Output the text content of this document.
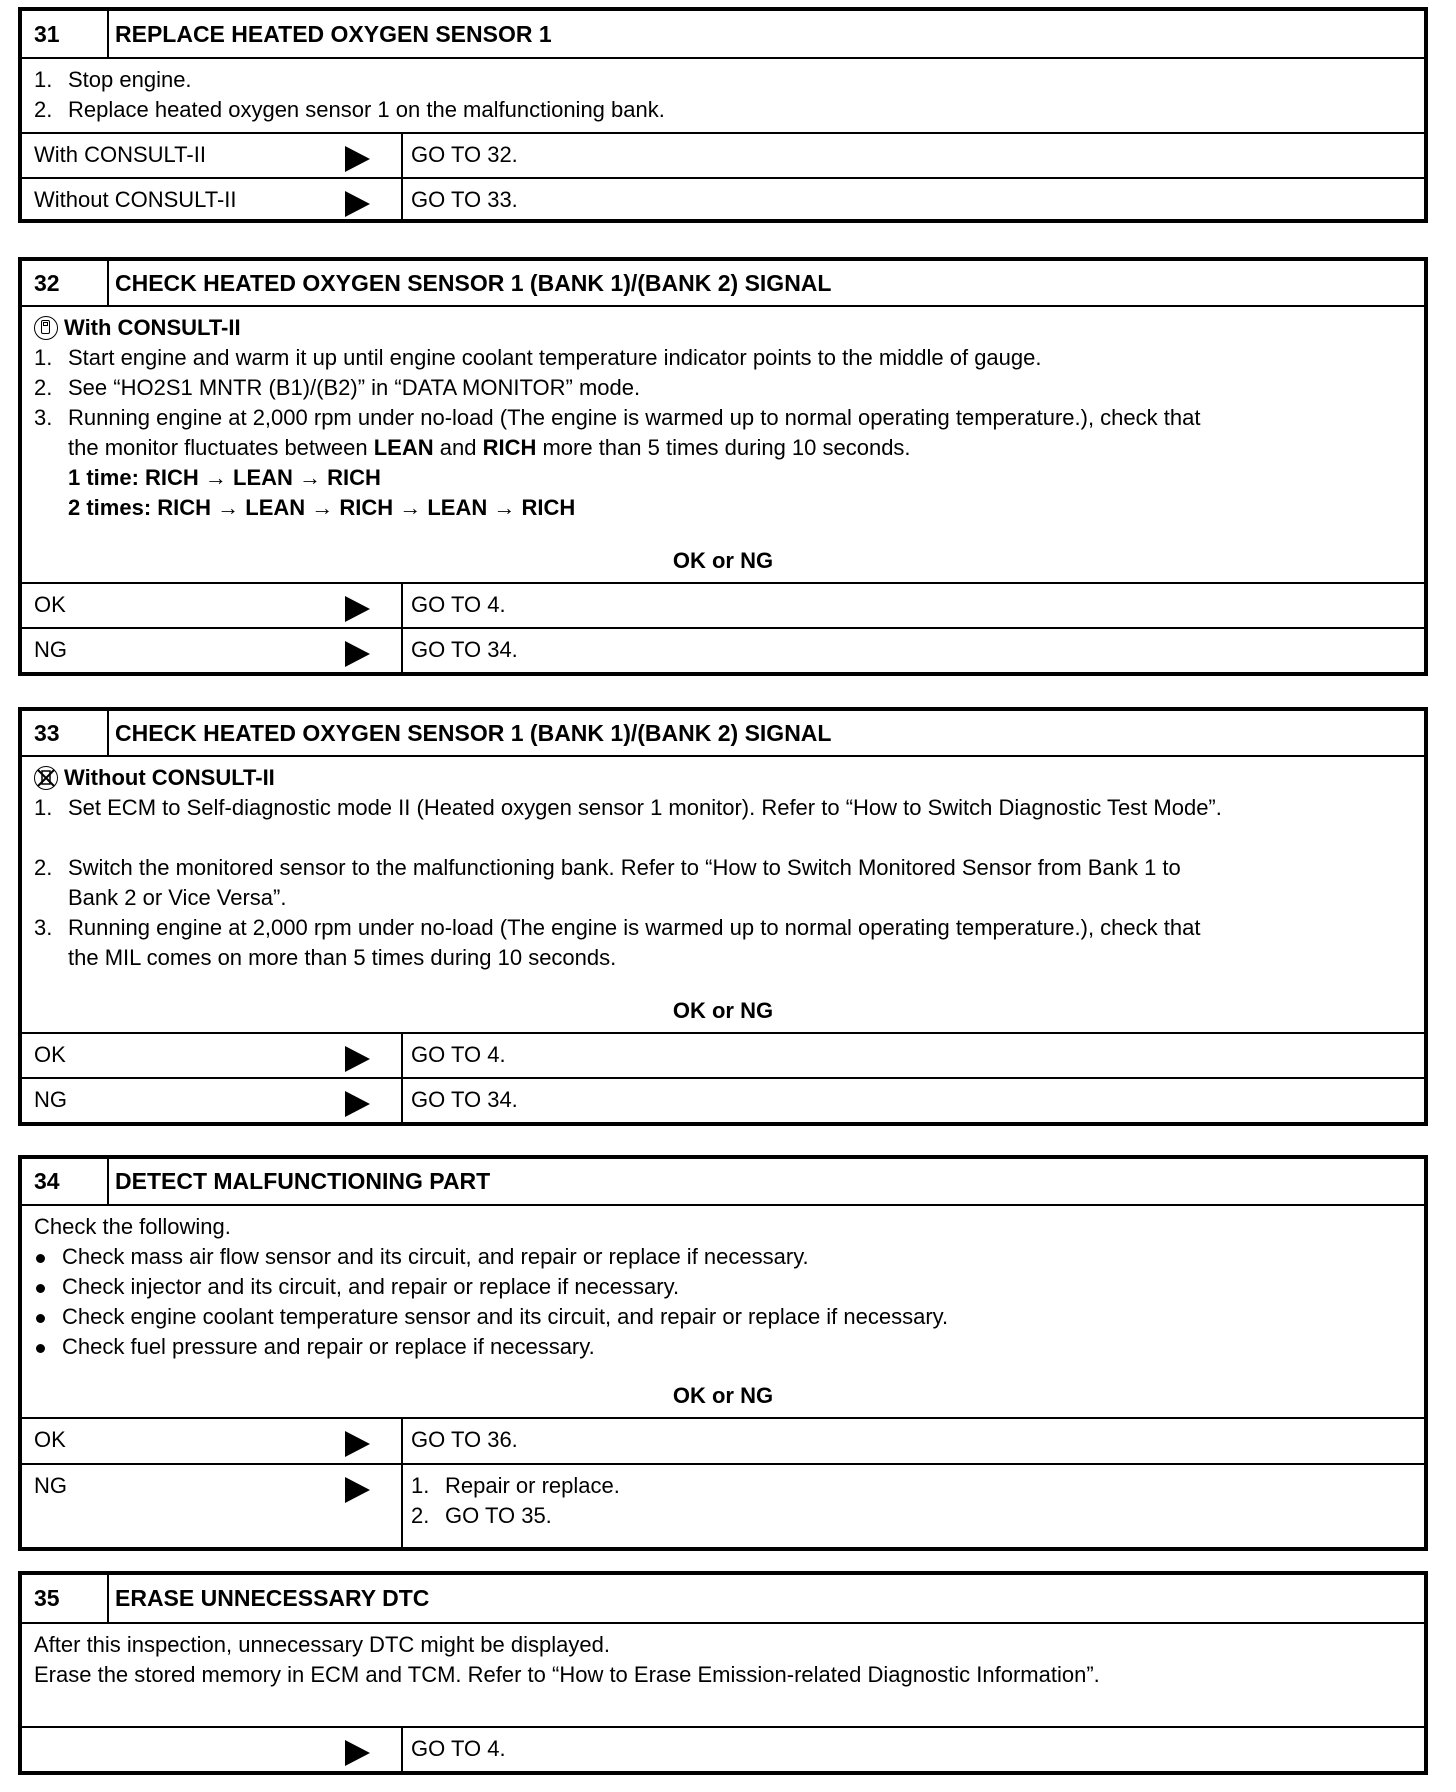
31	REPLACE HEATED OXYGEN SENSOR 1
1. Stop engine.
2. Replace heated oxygen sensor 1 on the malfunctioning bank.
With CONSULT-II	GO TO 32.
Without CONSULT-II	GO TO 33.
32	CHECK HEATED OXYGEN SENSOR 1 (BANK 1)/(BANK 2) SIGNAL
With CONSULT-II
1. Start engine and warm it up until engine coolant temperature indicator points to the middle of gauge.
2. See “HO2S1 MNTR (B1)/(B2)” in “DATA MONITOR” mode.
3. Running engine at 2,000 rpm under no-load (The engine is warmed up to normal operating temperature.), check that
the monitor fluctuates between LEAN and RICH more than 5 times during 10 seconds.
1 time: RICH → LEAN → RICH
2 times: RICH → LEAN → RICH → LEAN → RICH
OK or NG
OK	GO TO 4.
NG	GO TO 34.
33	CHECK HEATED OXYGEN SENSOR 1 (BANK 1)/(BANK 2) SIGNAL
Without CONSULT-II
1. Set ECM to Self-diagnostic mode II (Heated oxygen sensor 1 monitor). Refer to “How to Switch Diagnostic Test Mode”.
2. Switch the monitored sensor to the malfunctioning bank. Refer to “How to Switch Monitored Sensor from Bank 1 to
Bank 2 or Vice Versa”.
3. Running engine at 2,000 rpm under no-load (The engine is warmed up to normal operating temperature.), check that
the MIL comes on more than 5 times during 10 seconds.
OK or NG
OK	GO TO 4.
NG	GO TO 34.
34	DETECT MALFUNCTIONING PART
Check the following.
Check mass air flow sensor and its circuit, and repair or replace if necessary.
Check injector and its circuit, and repair or replace if necessary.
Check engine coolant temperature sensor and its circuit, and repair or replace if necessary.
Check fuel pressure and repair or replace if necessary.
OK or NG
OK	GO TO 36.
NG	1. Repair or replace.
2. GO TO 35.
35	ERASE UNNECESSARY DTC
After this inspection, unnecessary DTC might be displayed.
Erase the stored memory in ECM and TCM. Refer to “How to Erase Emission-related Diagnostic Information”.
GO TO 4.
